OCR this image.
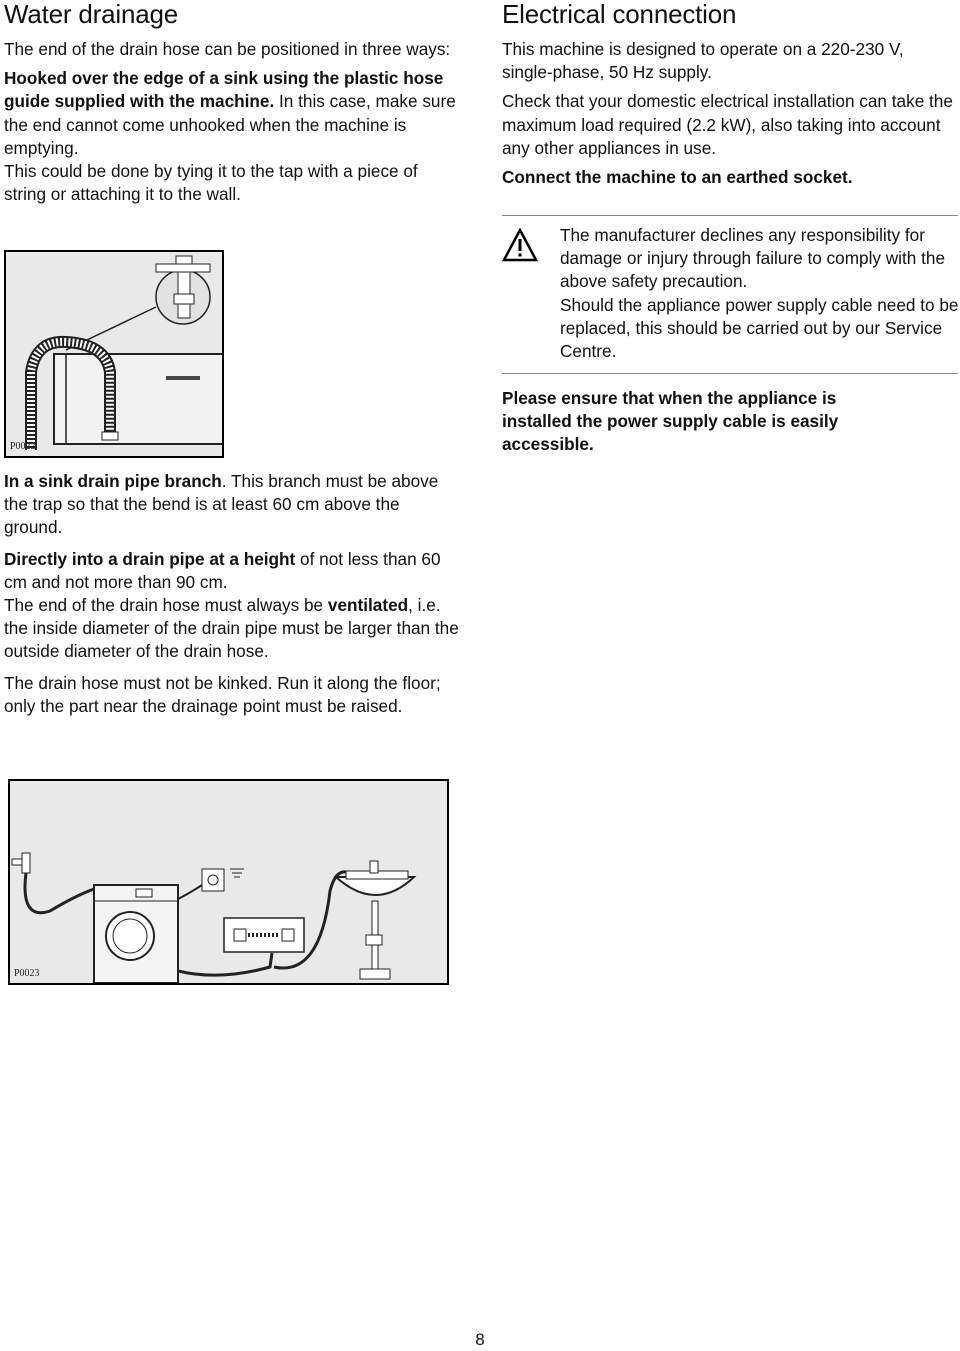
Water drainage

The end of the drain hose can be positioned in three ways:

Hooked over the edge of a sink using the plastic hose guide supplied with the machine. In this case, make sure the end cannot come unhooked when the machine is emptying.

This could be done by tying it to the tap with a piece of string or attaching it to the wall.

P0022

In a sink drain pipe branch. This branch must be above the trap so that the bend is at least 60 cm above the ground.

Directly into a drain pipe at a height of not less than 60 cm and not more than 90 cm.

The end of the drain hose must always be ventilated, i.e. the inside diameter of the drain pipe must be larger than the outside diameter of the drain hose.

The drain hose must not be kinked. Run it along the floor; only the part near the drainage point must be raised.

P0023
Electrical connection

This machine is designed to operate on a 220-230 V, single-phase, 50 Hz supply.

Check that your domestic electrical installation can take the maximum load required (2.2 kW), also taking into account any other appliances in use.

Connect the machine to an earthed socket.

The manufacturer declines any responsibility for damage or injury through failure to comply with the above safety precaution.

Should the appliance power supply cable need to be replaced, this should be carried out by our Service Centre.

Please ensure that when the appliance is installed the power supply cable is easily accessible.

8
